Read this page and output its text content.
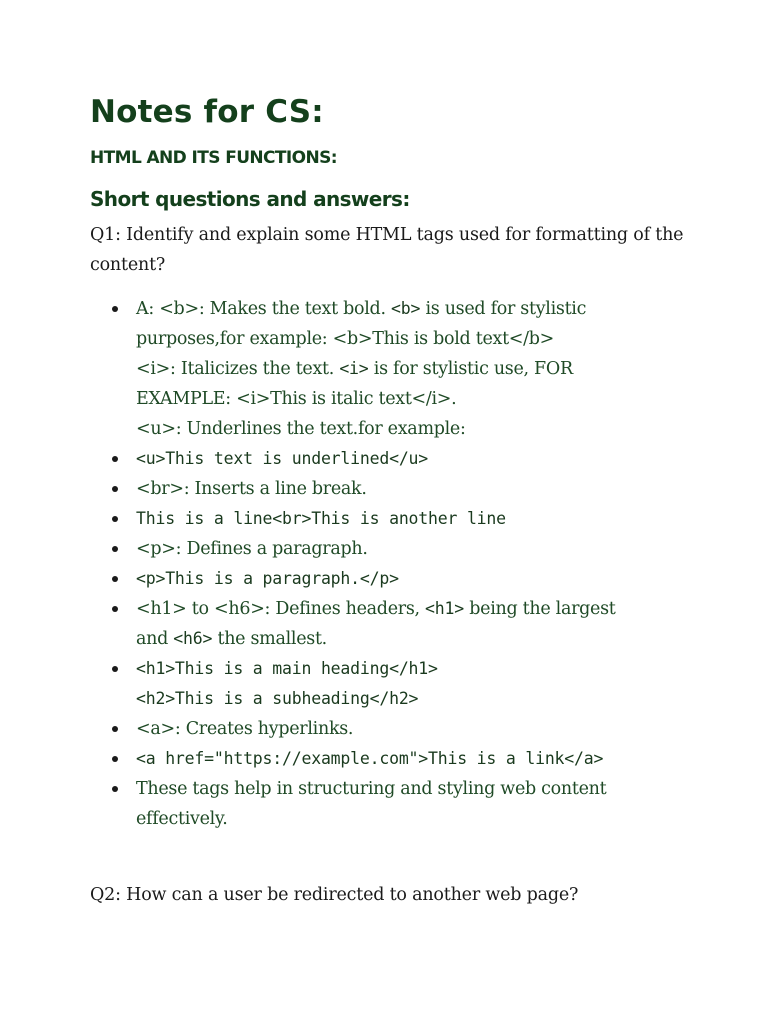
Notes for CS:
HTML AND ITS FUNCTIONS:
Short questions and answers:
Q1: Identify and explain some HTML tags used for formatting of the content?
A: <b>: Makes the text bold. <b> is used for stylistic
purposes,for example: <b>This is bold text</b>
<i>: Italicizes the text. <i> is for stylistic use, FOR
EXAMPLE: <i>This is italic text</i>.
<u>: Underlines the text.for example:
<u>This text is underlined</u>
<br>: Inserts a line break.
This is a line<br>This is another line
<p>: Defines a paragraph.
<p>This is a paragraph.</p>
<h1> to <h6>: Defines headers, <h1> being the largest
and <h6> the smallest.
<h1>This is a main heading</h1>
<h2>This is a subheading</h2>
<a>: Creates hyperlinks.
<a href="https://example.com">This is a link</a>
These tags help in structuring and styling web content effectively.
Q2: How can a user be redirected to another web page?
